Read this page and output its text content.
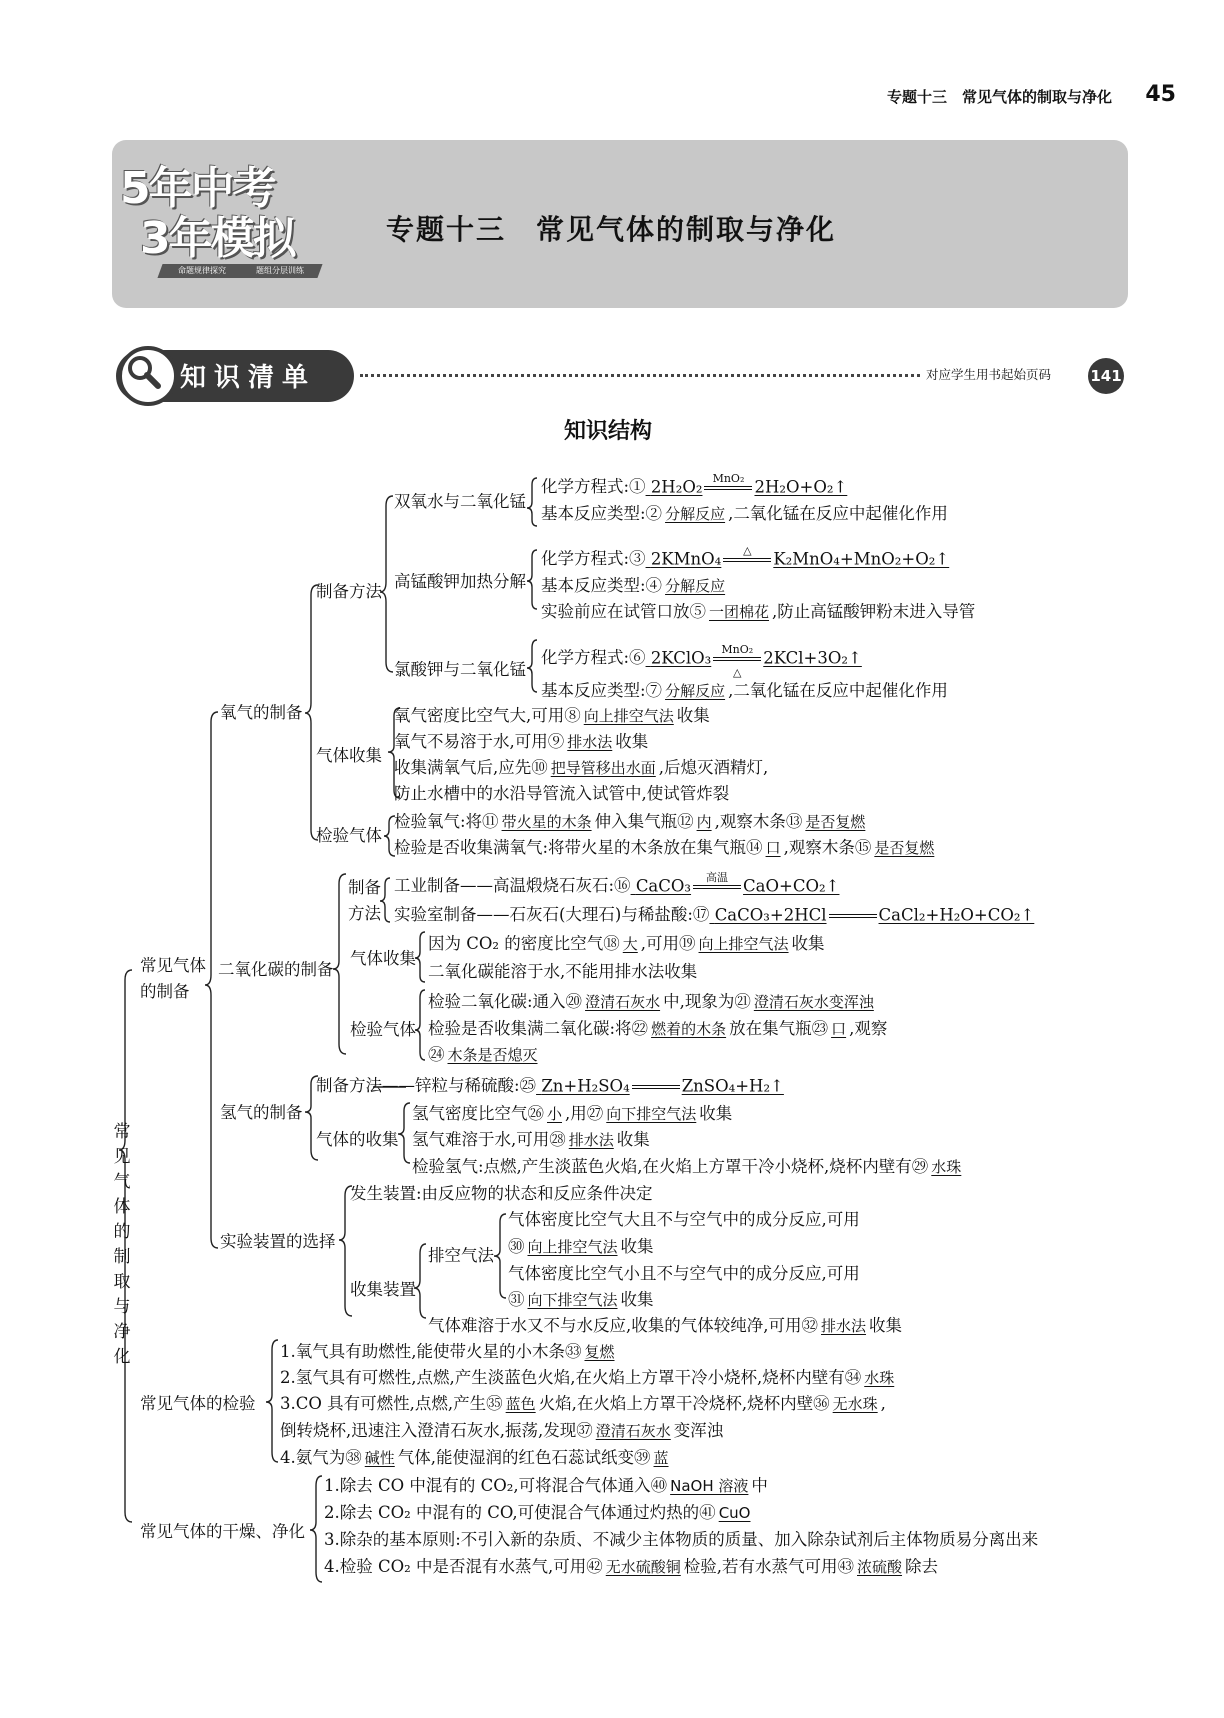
专题十三　常见气体的制取与净化 45
5年中考
3年模拟
命题规律探究	题组分层训练
专题十三　常见气体的制取与净化
知识清单	对应学生用书起始页码	141
知识结构
常
见
气
体
的
制
取
与
净
化
常见气体
的制备
常见气体的检验
常见气体的干燥、净化
氧气的制备
二氧化碳的制备
氢气的制备
实验装置的选择
制备方法
双氧水与二氧化锰
化学方程式:① 2H₂O₂ MnO₂ 2H₂O+O₂↑
基本反应类型:② 分解反应 ,二氧化锰在反应中起催化作用
高锰酸钾加热分解
化学方程式:③ 2KMnO₄	△	K₂MnO₄+MnO₂+O₂↑
基本反应类型:④ 分解反应
实验前应在试管口放⑤ 一团棉花 ,防止高锰酸钾粉末进入导管
氯酸钾与二氧化锰
化学方程式:⑥ 2KClO₃ MnO₂
△
2KCl+3O₂↑
基本反应类型:⑦ 分解反应 ,二氧化锰在反应中起催化作用
气体收集
氧气密度比空气大,可用⑧ 向上排空气法 收集
氧气不易溶于水,可用⑨ 排水法 收集
收集满氧气后,应先⑩ 把导管移出水面 ,后熄灭酒精灯,
防止水槽中的水沿导管流入试管中,使试管炸裂
检验气体
检验氧气:将⑪ 带火星的木条 伸入集气瓶⑫ 内 ,观察木条⑬ 是否复燃
检验是否收集满氧气:将带火星的木条放在集气瓶⑭ 口 ,观察木条⑮ 是否复燃
制备
方法
工业制备——高温煅烧石灰石:⑯ CaCO₃	高温 CaO+CO₂↑
实验室制备——石灰石(大理石)与稀盐酸:⑰ CaCO₃+2HCl	CaCl₂+H₂O+CO₂↑
气体收集
因为 CO₂ 的密度比空气⑱ 大 ,可用⑲ 向上排空气法 收集
二氧化碳能溶于水,不能用排水法收集
检验气体
检验二氧化碳:通入⑳ 澄清石灰水 中,现象为㉑ 澄清石灰水变浑浊
检验是否收集满二氧化碳:将㉒ 燃着的木条 放在集气瓶㉓ 口 ,观察
㉔ 木条是否熄灭
制备方法——锌粒与稀硫酸:㉕ Zn+H₂SO₄	ZnSO₄+H₂↑
气体的收集
氢气密度比空气㉖ 小 ,用㉗ 向下排空气法 收集
氢气难溶于水,可用㉘ 排水法 收集
检验氢气:点燃,产生淡蓝色火焰,在火焰上方罩干冷小烧杯,烧杯内壁有㉙ 水珠
发生装置:由反应物的状态和反应条件决定
收集装置
排空气法
气体密度比空气大且不与空气中的成分反应,可用
㉚ 向上排空气法 收集
气体密度比空气小且不与空气中的成分反应,可用
㉛ 向下排空气法 收集
气体难溶于水又不与水反应,收集的气体较纯净,可用㉜ 排水法 收集
1.氧气具有助燃性,能使带火星的小木条㉝ 复燃
2.氢气具有可燃性,点燃,产生淡蓝色火焰,在火焰上方罩干冷小烧杯,烧杯内壁有㉞ 水珠
3.CO 具有可燃性,点燃,产生㉟ 蓝色 火焰,在火焰上方罩干冷烧杯,烧杯内壁㊱ 无水珠 ,
倒转烧杯,迅速注入澄清石灰水,振荡,发现㊲ 澄清石灰水 变浑浊
4.氨气为㊳ 碱性 气体,能使湿润的红色石蕊试纸变㊴ 蓝
1.除去 CO 中混有的 CO₂,可将混合气体通入㊵ NaOH 溶液 中
2.除去 CO₂ 中混有的 CO,可使混合气体通过灼热的㊶ CuO
3.除杂的基本原则:不引入新的杂质、不减少主体物质的质量、加入除杂试剂后主体物质易分离出来
4.检验 CO₂ 中是否混有水蒸气,可用㊷ 无水硫酸铜 检验,若有水蒸气可用㊸ 浓硫酸 除去
